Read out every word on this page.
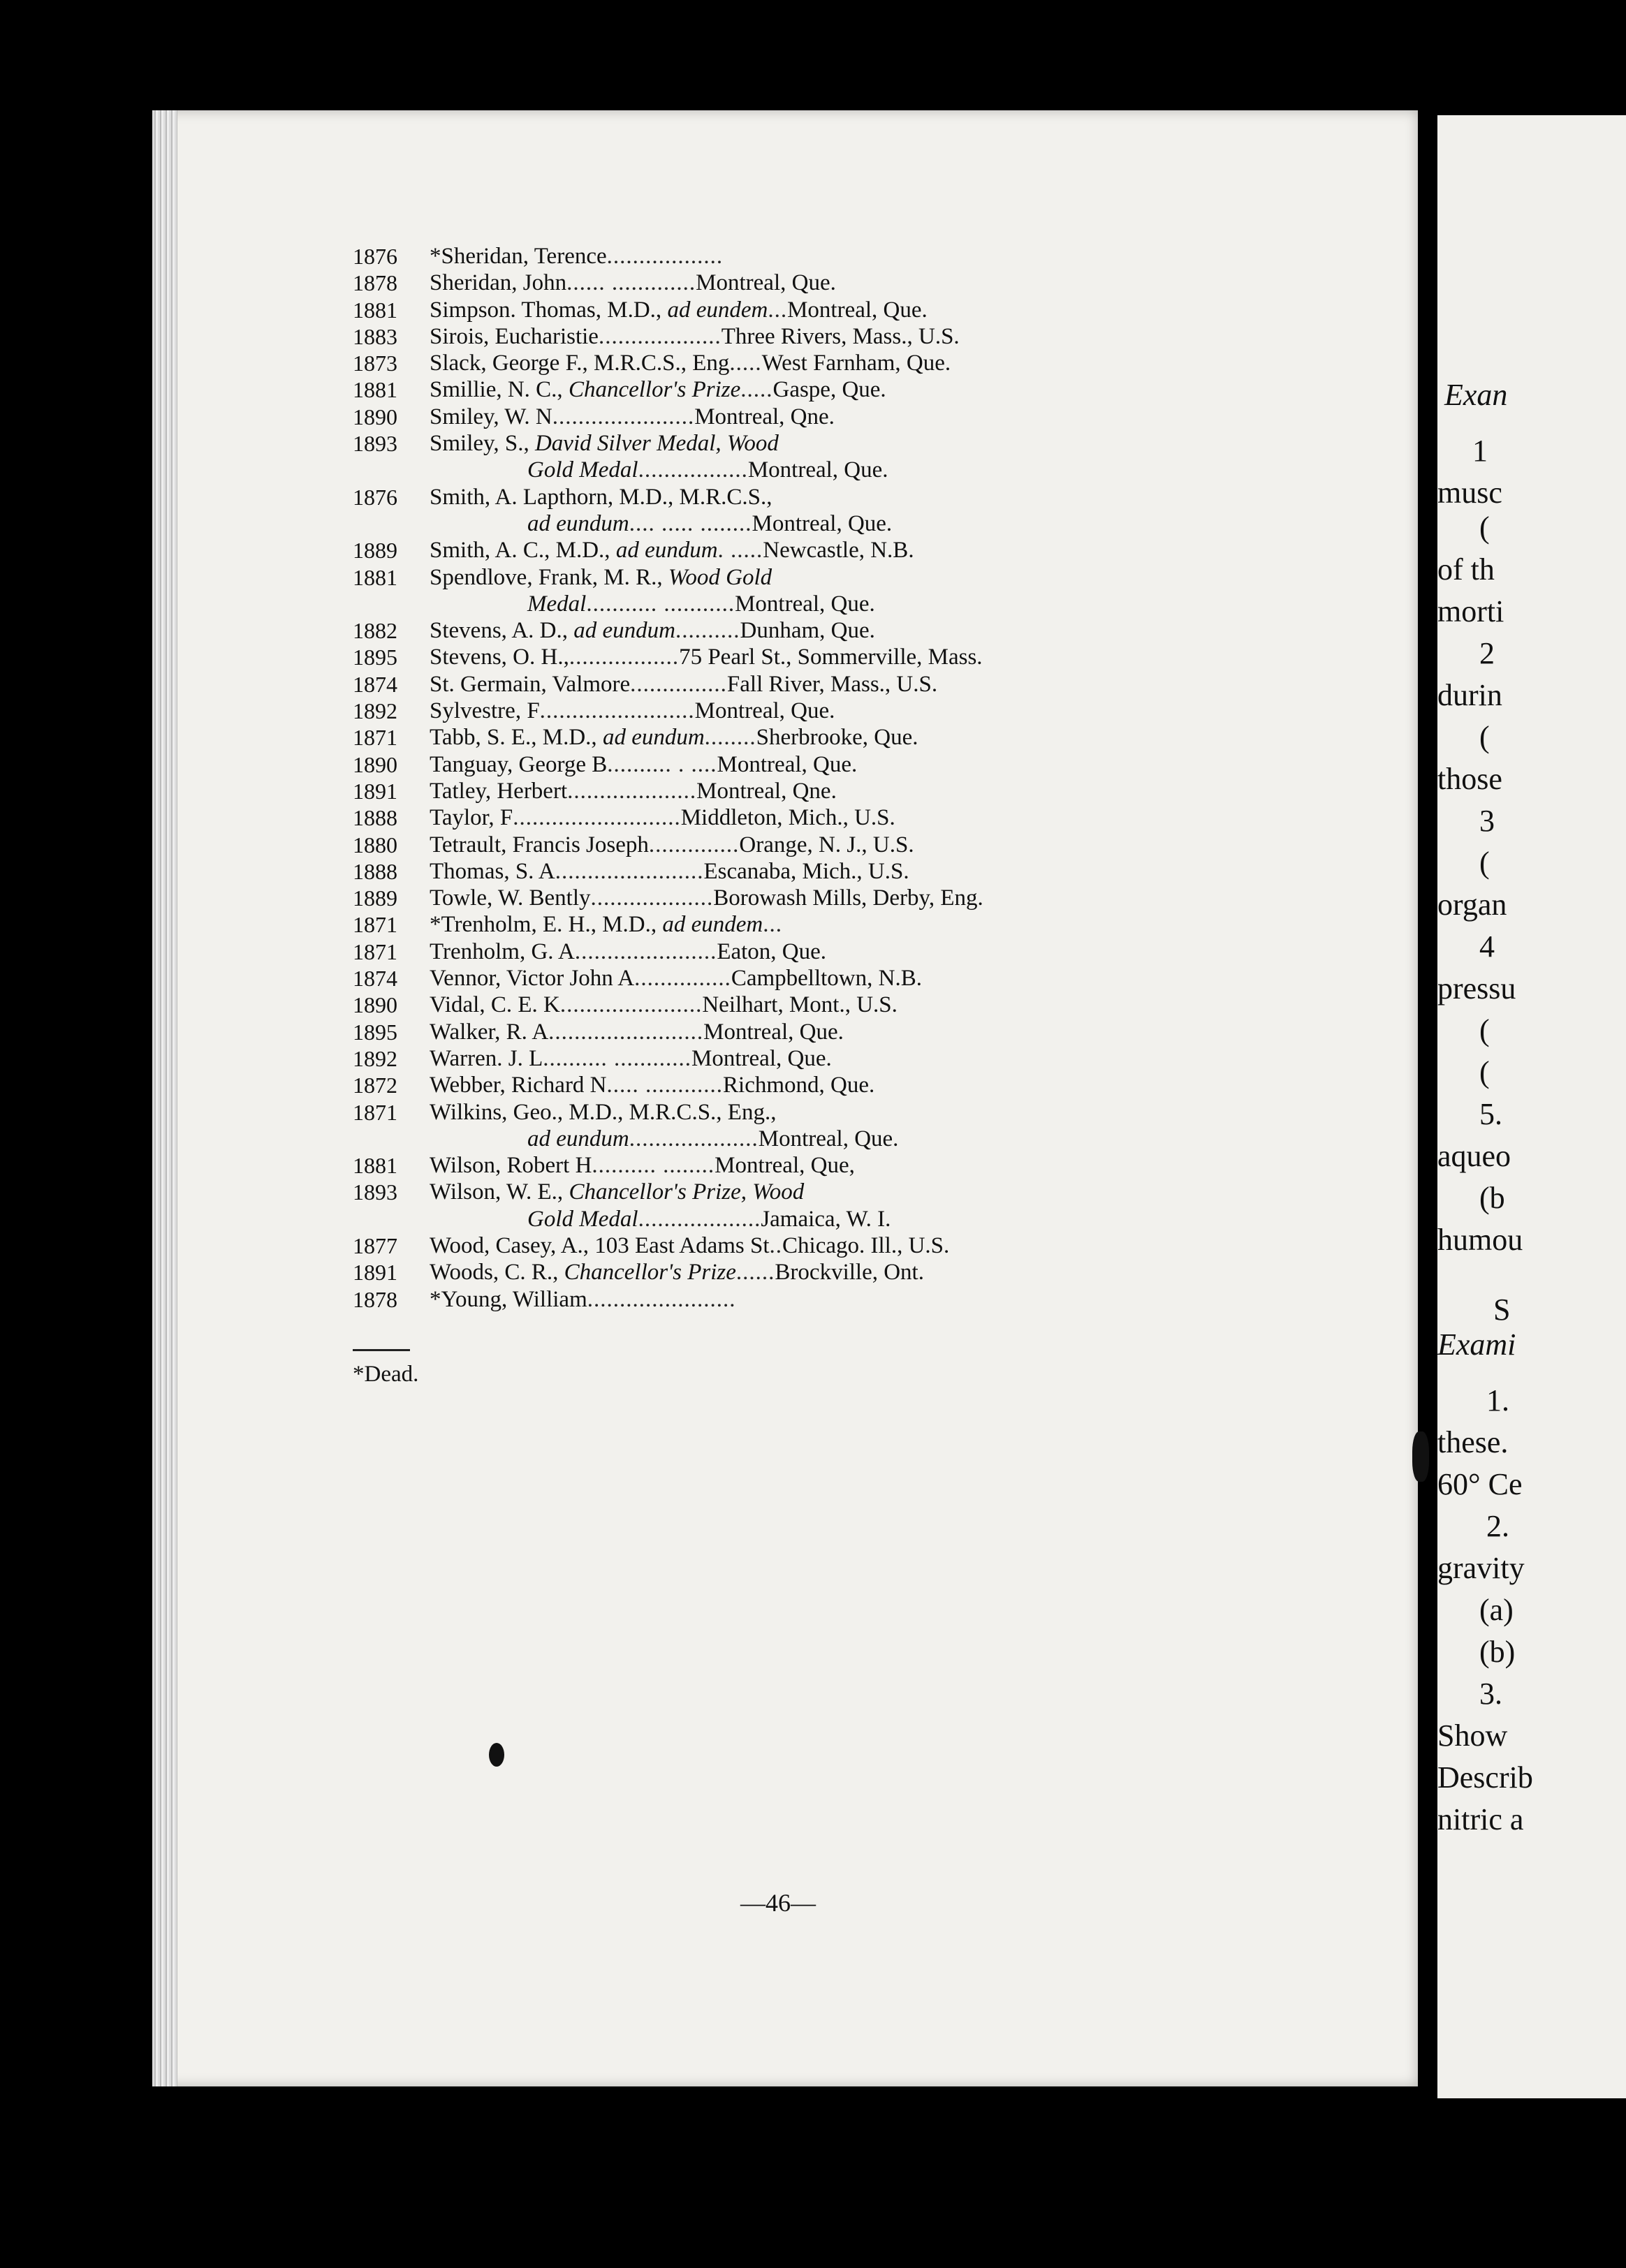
Exan
1
musc
(
of th
morti
2
durin
(
those
3
(
organ
4
pressu
(
(
5.
aqueo
(b
humou
S
Exami
1.
these.
60° Ce
2.
gravity
(a)
(b)
3.
Show
Describ
nitric a
1876	*Sheridan, Terence..................
1878	Sheridan, John...... .............Montreal, Que.
1881	Simpson. Thomas, M.D., ad eundem...Montreal, Que.
1883	Sirois, Eucharistie...................Three Rivers, Mass., U.S.
1873	Slack, George F., M.R.C.S., Eng.....West Farnham, Que.
1881	Smillie, N. C., Chancellor's Prize.....Gaspe, Que.
1890	Smiley, W. N......................Montreal, Qne.
1893	Smiley, S., David Silver Medal, Wood
Gold Medal.................Montreal, Que.
1876	Smith, A. Lapthorn, M.D., M.R.C.S.,
ad eundum.... ..... ........Montreal, Que.
1889	Smith, A. C., M.D., ad eundum. .....Newcastle, N.B.
1881	Spendlove, Frank, M. R., Wood Gold
Medal........... ...........Montreal, Que.
1882	Stevens, A. D., ad eundum..........Dunham, Que.
1895	Stevens, O. H.,.................75 Pearl St., Sommerville, Mass.
1874	St. Germain, Valmore...............Fall River, Mass., U.S.
1892	Sylvestre, F........................Montreal, Que.
1871	Tabb, S. E., M.D., ad eundum........Sherbrooke, Que.
1890	Tanguay, George B.......... . ....Montreal, Que.
1891	Tatley, Herbert....................Montreal, Qne.
1888	Taylor, F..........................Middleton, Mich., U.S.
1880	Tetrault, Francis Joseph..............Orange, N. J., U.S.
1888	Thomas, S. A.......................Escanaba, Mich., U.S.
1889	Towle, W. Bently...................Borowash Mills, Derby, Eng.
1871	*Trenholm, E. H., M.D., ad eundem...
1871	Trenholm, G. A......................Eaton, Que.
1874	Vennor, Victor John A...............Campbelltown, N.B.
1890	Vidal, C. E. K......................Neilhart, Mont., U.S.
1895	Walker, R. A........................Montreal, Que.
1892	Warren. J. L.......... ............Montreal, Que.
1872	Webber, Richard N..... ............Richmond, Que.
1871	Wilkins, Geo., M.D., M.R.C.S., Eng.,
ad eundum....................Montreal, Que.
1881	Wilson, Robert H.......... ........Montreal, Que,
1893	Wilson, W. E., Chancellor's Prize, Wood
Gold Medal...................Jamaica, W. I.
1877	Wood, Casey, A., 103 East Adams St..Chicago. Ill., U.S.
1891	Woods, C. R., Chancellor's Prize......Brockville, Ont.
1878	*Young, William.......................
*Dead.
—46—
